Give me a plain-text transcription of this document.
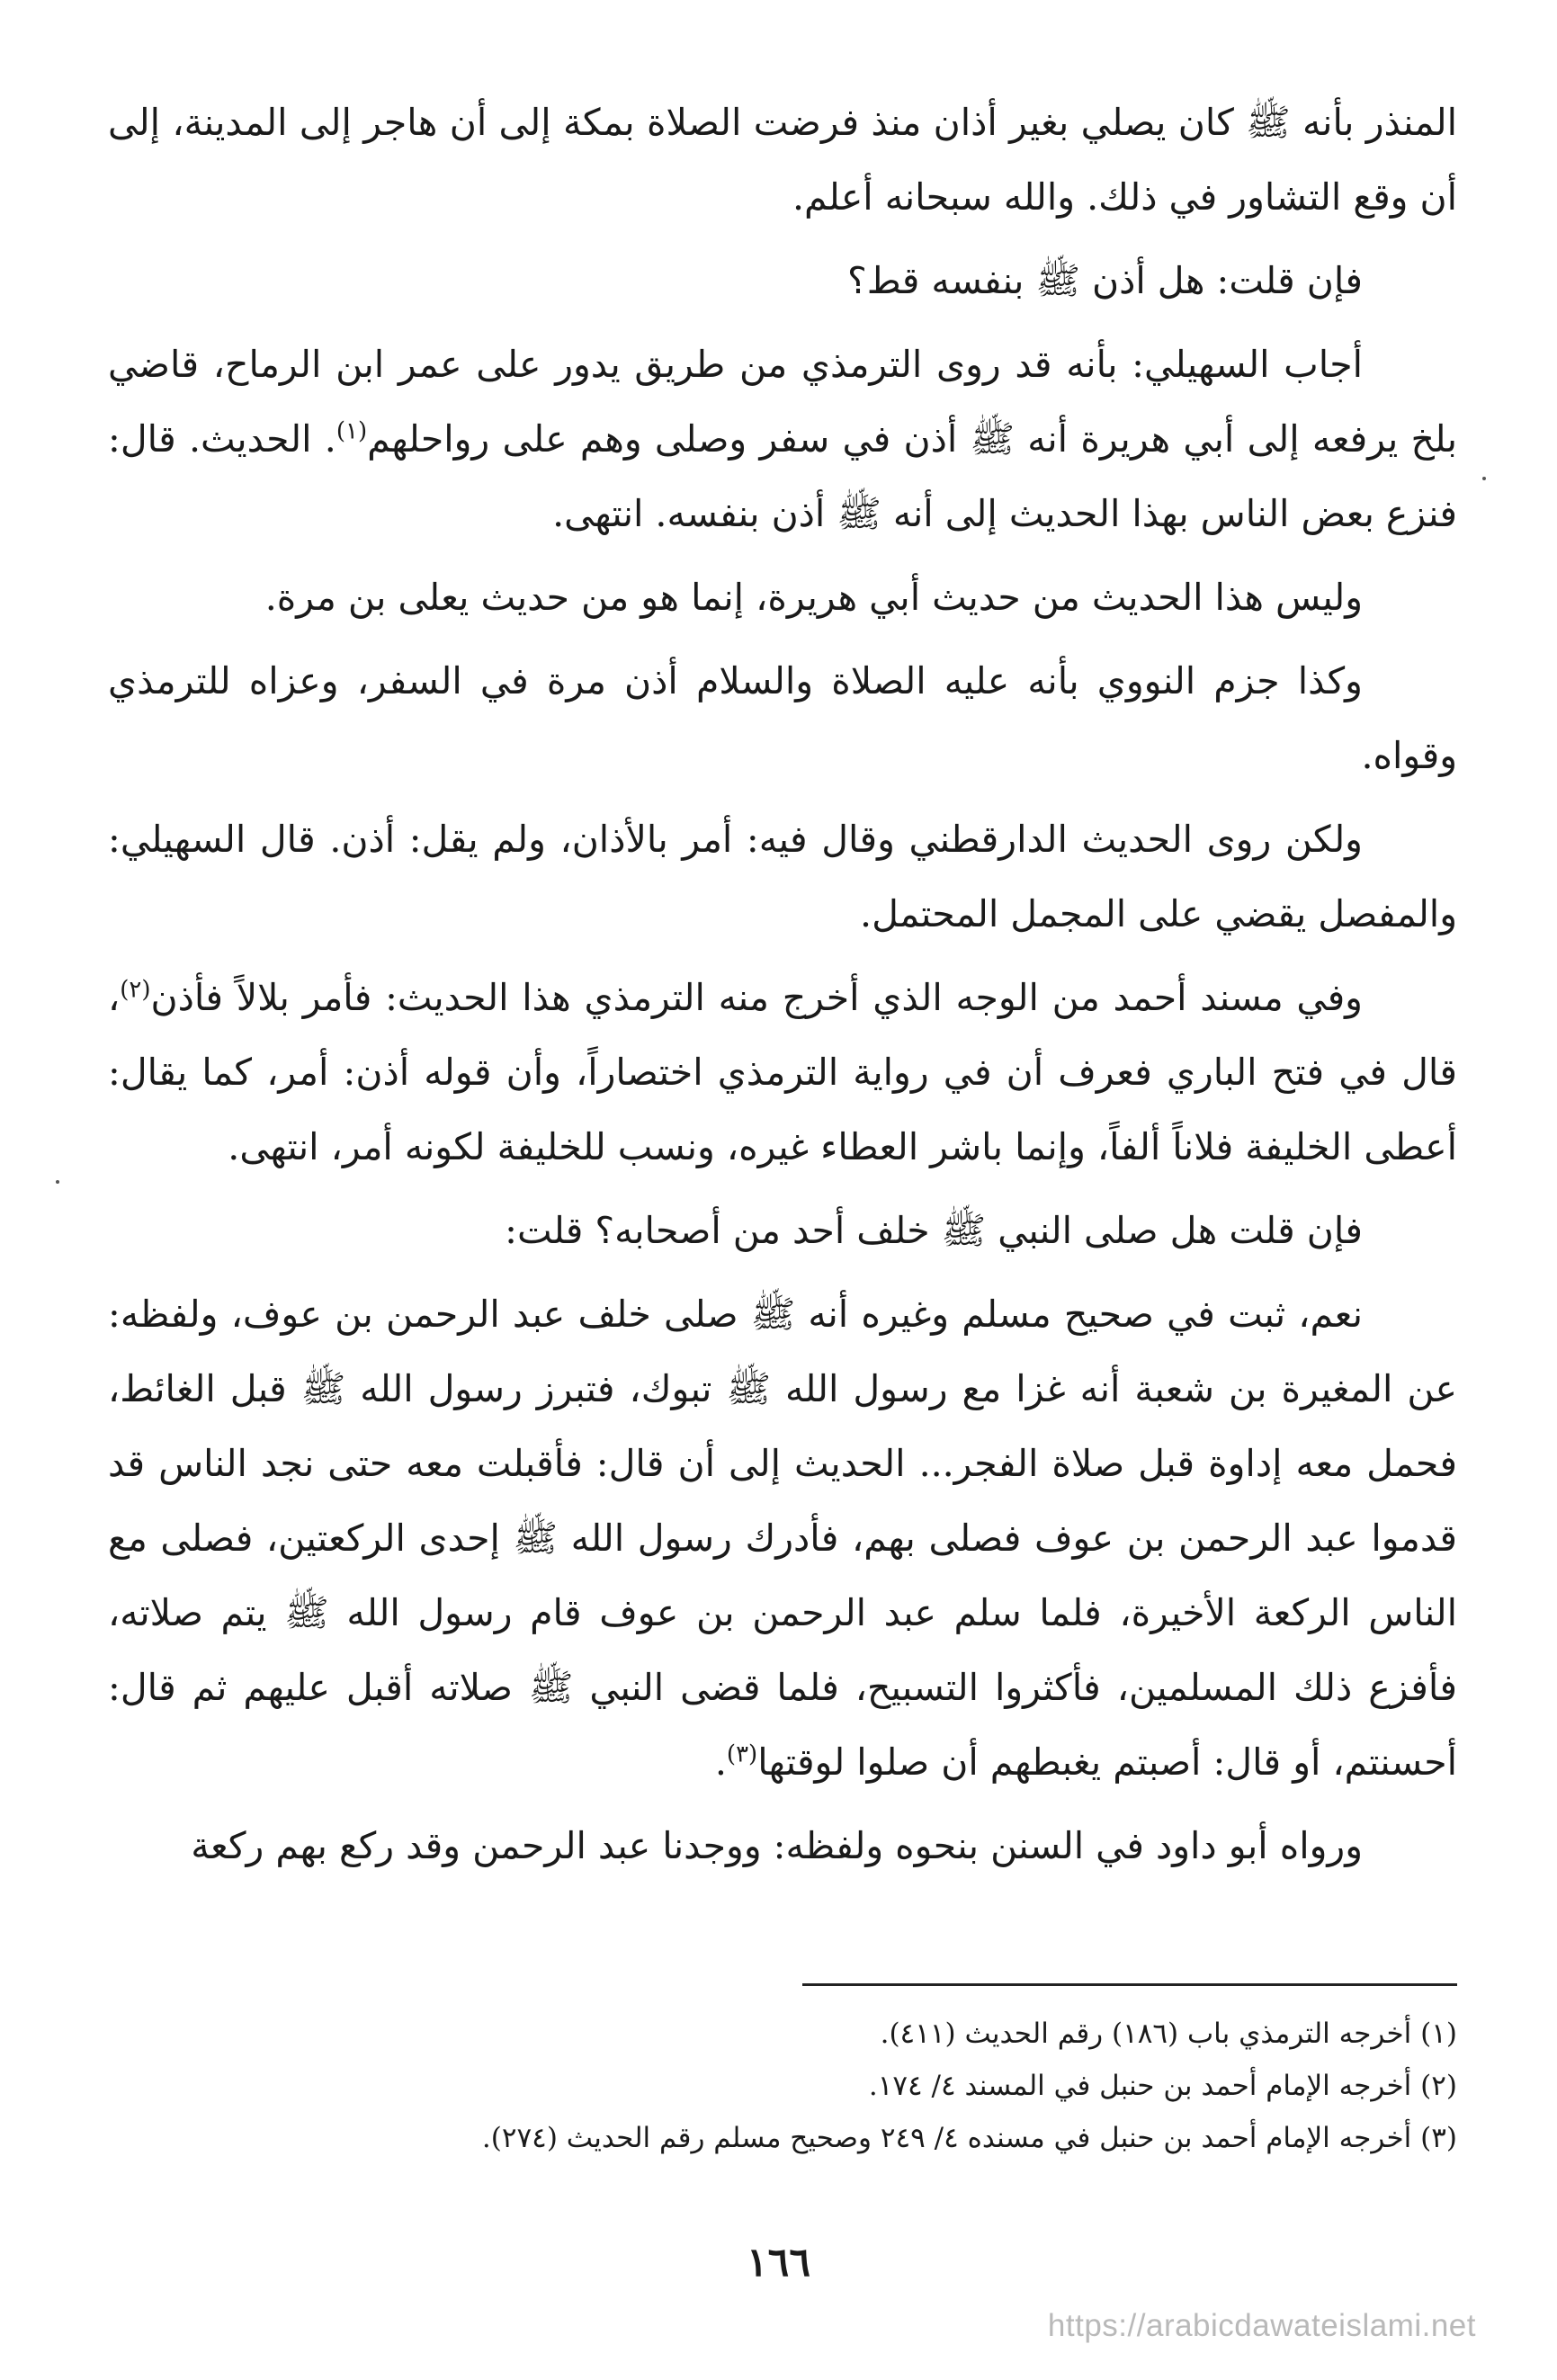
المنذر بأنه ﷺ كان يصلي بغير أذان منذ فرضت الصلاة بمكة إلى أن هاجر إلى المدينة، إلى أن وقع التشاور في ذلك. والله سبحانه أعلم.

فإن قلت: هل أذن ﷺ بنفسه قط؟

أجاب السهيلي: بأنه قد روى الترمذي من طريق يدور على عمر ابن الرماح، قاضي بلخ يرفعه إلى أبي هريرة أنه ﷺ أذن في سفر وصلى وهم على رواحلهم$^{(١)}$. الحديث. قال: فنزع بعض الناس بهذا الحديث إلى أنه ﷺ أذن بنفسه. انتهى.

وليس هذا الحديث من حديث أبي هريرة، إنما هو من حديث يعلى بن مرة.

وكذا جزم النووي بأنه عليه الصلاة والسلام أذن مرة في السفر، وعزاه للترمذي وقواه.

ولكن روى الحديث الدارقطني وقال فيه: أمر بالأذان، ولم يقل: أذن. قال السهيلي: والمفصل يقضي على المجمل المحتمل.

وفي مسند أحمد من الوجه الذي أخرج منه الترمذي هذا الحديث: فأمر بلالاً فأذن$^{(٢)}$، قال في فتح الباري فعرف أن في رواية الترمذي اختصاراً، وأن قوله أذن: أمر، كما يقال: أعطى الخليفة فلاناً ألفاً، وإنما باشر العطاء غيره، ونسب للخليفة لكونه أمر، انتهى.

فإن قلت هل صلى النبي ﷺ خلف أحد من أصحابه؟ قلت:

نعم، ثبت في صحيح مسلم وغيره أنه ﷺ صلى خلف عبد الرحمن بن عوف، ولفظه: عن المغيرة بن شعبة أنه غزا مع رسول الله ﷺ تبوك، فتبرز رسول الله ﷺ قبل الغائط، فحمل معه إداوة قبل صلاة الفجر... الحديث إلى أن قال: فأقبلت معه حتى نجد الناس قد قدموا عبد الرحمن بن عوف فصلى بهم، فأدرك رسول الله ﷺ إحدى الركعتين، فصلى مع الناس الركعة الأخيرة، فلما سلم عبد الرحمن بن عوف قام رسول الله ﷺ يتم صلاته، فأفزع ذلك المسلمين، فأكثروا التسبيح، فلما قضى النبي ﷺ صلاته أقبل عليهم ثم قال: أحسنتم، أو قال: أصبتم يغبطهم أن صلوا لوقتها$^{(٣)}$.

ورواه أبو داود في السنن بنحوه ولفظه: ووجدنا عبد الرحمن وقد ركع بهم ركعة

(١) أخرجه الترمذي باب (١٨٦) رقم الحديث (٤١١).

(٢) أخرجه الإمام أحمد بن حنبل في المسند ٤/ ١٧٤.

(٣) أخرجه الإمام أحمد بن حنبل في مسنده ٤/ ٢٤٩ وصحيح مسلم رقم الحديث (٢٧٤).

١٦٦
https://arabicdawateislami.net
